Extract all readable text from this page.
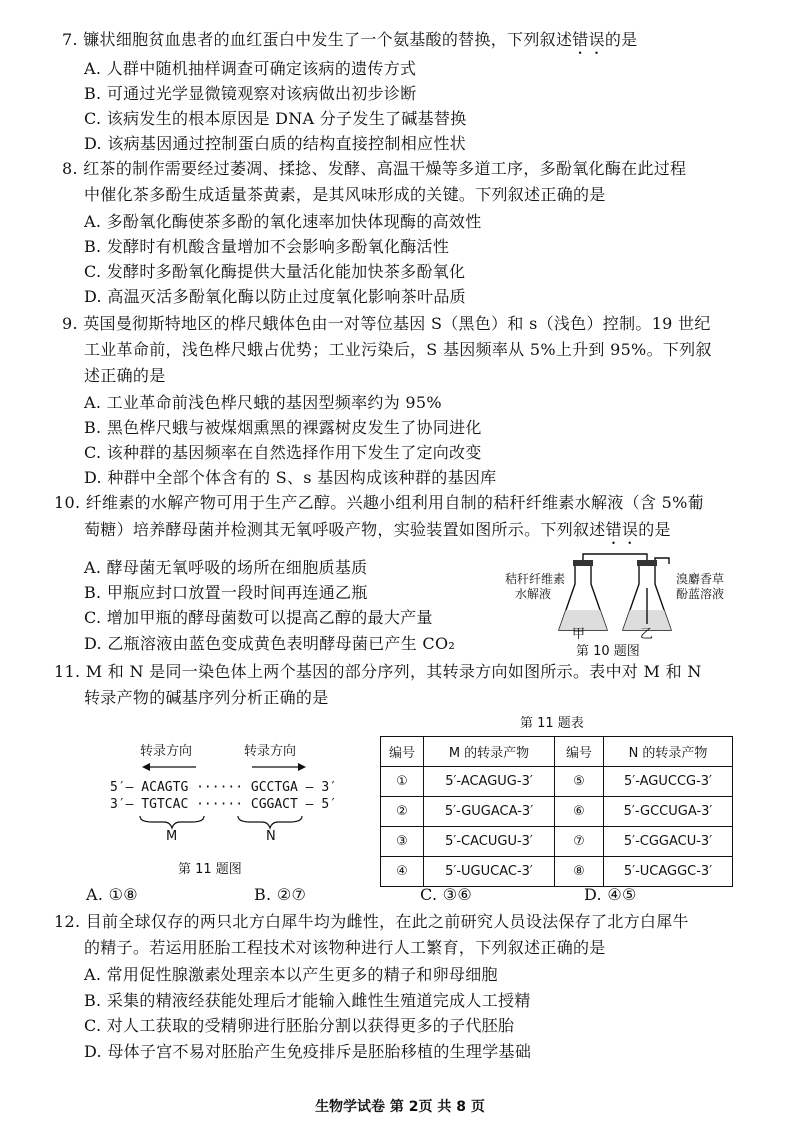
7. 镰状细胞贫血患者的血红蛋白中发生了一个氨基酸的替换，下列叙述错误的是
A. 人群中随机抽样调查可确定该病的遗传方式
B. 可通过光学显微镜观察对该病做出初步诊断
C. 该病发生的根本原因是 DNA 分子发生了碱基替换
D. 该病基因通过控制蛋白质的结构直接控制相应性状
8. 红茶的制作需要经过萎凋、揉捻、发酵、高温干燥等多道工序，多酚氧化酶在此过程
中催化茶多酚生成适量茶黄素，是其风味形成的关键。下列叙述正确的是
A. 多酚氧化酶使茶多酚的氧化速率加快体现酶的高效性
B. 发酵时有机酸含量增加不会影响多酚氧化酶活性
C. 发酵时多酚氧化酶提供大量活化能加快茶多酚氧化
D. 高温灭活多酚氧化酶以防止过度氧化影响茶叶品质
9. 英国曼彻斯特地区的桦尺蛾体色由一对等位基因 S（黑色）和 s（浅色）控制。19 世纪
工业革命前，浅色桦尺蛾占优势；工业污染后，S 基因频率从 5%上升到 95%。下列叙
述正确的是
A. 工业革命前浅色桦尺蛾的基因型频率约为 95%
B. 黑色桦尺蛾与被煤烟熏黑的裸露树皮发生了协同进化
C. 该种群的基因频率在自然选择作用下发生了定向改变
D. 种群中全部个体含有的 S、s 基因构成该种群的基因库
10. 纤维素的水解产物可用于生产乙醇。兴趣小组利用自制的秸秆纤维素水解液（含 5%葡
萄糖）培养酵母菌并检测其无氧呼吸产物，实验装置如图所示。下列叙述错误的是
A. 酵母菌无氧呼吸的场所在细胞质基质
B. 甲瓶应封口放置一段时间再连通乙瓶
C. 增加甲瓶的酵母菌数可以提高乙醇的最大产量
D. 乙瓶溶液由蓝色变成黄色表明酵母菌已产生 CO₂
秸秆纤维素
水解液
溴麝香草
酚蓝溶液
甲	乙
第 10 题图
11. M 和 N 是同一染色体上两个基因的部分序列，其转录方向如图所示。表中对 M 和 N
转录产物的碱基序列分析正确的是
转录方向	转录方向
5′— ACAGTG ······ GCCTGA — 3′
3′— TGTCAC ······ CGGACT — 5′
M	N
第 11 题图
第 11 题表
编号	M 的转录产物	编号	N 的转录产物
①	5′-ACAGUG-3′	⑤	5′-AGUCCG-3′
②	5′-GUGACA-3′	⑥	5′-GCCUGA-3′
③	5′-CACUGU-3′	⑦	5′-CGGACU-3′
④	5′-UGUCAC-3′	⑧	5′-UCAGGC-3′
A. ①⑧	B. ②⑦	C. ③⑥	D. ④⑤
12. 目前全球仅存的两只北方白犀牛均为雌性，在此之前研究人员设法保存了北方白犀牛
的精子。若运用胚胎工程技术对该物种进行人工繁育，下列叙述正确的是
A. 常用促性腺激素处理亲本以产生更多的精子和卵母细胞
B. 采集的精液经获能处理后才能输入雌性生殖道完成人工授精
C. 对人工获取的受精卵进行胚胎分割以获得更多的子代胚胎
D. 母体子宫不易对胚胎产生免疫排斥是胚胎移植的生理学基础
生物学试卷 第 2页 共 8 页
